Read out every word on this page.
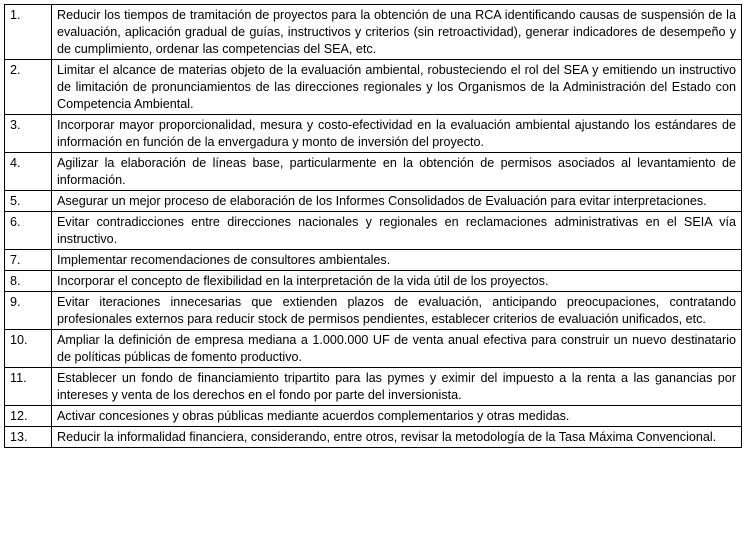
1.	Reducir los tiempos de tramitación de proyectos para la obtención de una RCA identificando causas de suspensión de la evaluación, aplicación gradual de guías, instructivos y criterios (sin retroactividad), generar indicadores de desempeño y de cumplimiento, ordenar las competencias del SEA, etc.
2.	Limitar el alcance de materias objeto de la evaluación ambiental, robusteciendo el rol del SEA y emitiendo un instructivo de limitación de pronunciamientos de las direcciones regionales y los Organismos de la Administración del Estado con Competencia Ambiental.
3.	Incorporar mayor proporcionalidad, mesura y costo-efectividad en la evaluación ambiental ajustando los estándares de información en función de la envergadura y monto de inversión del proyecto.
4.	Agilizar la elaboración de líneas base, particularmente en la obtención de permisos asociados al levantamiento de información.
5.	Asegurar un mejor proceso de elaboración de los Informes Consolidados de Evaluación para evitar interpretaciones.
6.	Evitar contradicciones entre direcciones nacionales y regionales en reclamaciones administrativas en el SEIA vía instructivo.
7.	Implementar recomendaciones de consultores ambientales.
8.	Incorporar el concepto de flexibilidad en la interpretación de la vida útil de los proyectos.
9.	Evitar iteraciones innecesarias que extienden plazos de evaluación, anticipando preocupaciones, contratando profesionales externos para reducir stock de permisos pendientes, establecer criterios de evaluación unificados, etc.
10.	Ampliar la definición de empresa mediana a 1.000.000 UF de venta anual efectiva para construir un nuevo destinatario de políticas públicas de fomento productivo.
11.	Establecer un fondo de financiamiento tripartito para las pymes y eximir del impuesto a la renta a las ganancias por intereses y venta de los derechos en el fondo por parte del inversionista.
12.	Activar concesiones y obras públicas mediante acuerdos complementarios y otras medidas.
13.	Reducir la informalidad financiera, considerando, entre otros, revisar la metodología de la Tasa Máxima Convencional.
